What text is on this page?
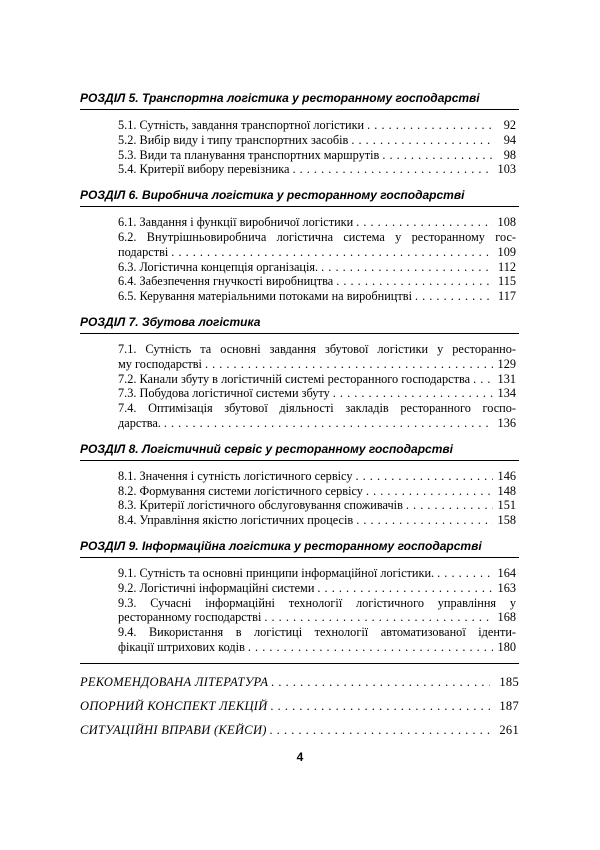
РОЗДІЛ 5. Транспортна логістика у ресторанному господарстві
5.1. Сутність, завдання транспортної логістики . . .	92
5.2. Вибір виду і типу транспортних засобів . . .	94
5.3. Види та планування транспортних маршрутів . . .	98
5.4. Критерії вибору перевізника . . .	103
РОЗДІЛ 6. Виробнича логістика у ресторанному господарстві
6.1. Завдання і функції виробничої логістики . . .	108
6.2. Внутрішньовиробнича логістична система у ресторанному гос-
подарстві . . .	109
6.3. Логістична концепція організація. . . .	112
6.4. Забезпечення гнучкості виробництва . . .	115
6.5. Керування матеріальними потоками на виробництві . . .	117
РОЗДІЛ 7. Збутова логістика
7.1. Сутність та основні завдання збутової логістики у ресторанно-
му господарстві . . .	129
7.2. Канали збуту в логістичній системі ресторанного господарства . . . 131
7.3. Побудова логістичної системи збуту . . .	134
7.4. Оптимізація збутової діяльності закладів ресторанного госпо-
дарства. . . .	136
РОЗДІЛ 8. Логістичний сервіс у ресторанному господарстві
8.1. Значення і сутність логістичного сервісу . . .	146
8.2. Формування системи логістичного сервісу . . .	148
8.3. Критерії логістичного обслуговування споживачів . . .	151
8.4. Управління якістю логістичних процесів . . .	158
РОЗДІЛ 9. Інформаційна логістика у ресторанному господарстві
9.1. Сутність та основні принципи інформаційної логістики. . . .	164
9.2. Логістичні інформаційні системи . . .	163
9.3. Сучасні інформаційні технології логістичного управління у
ресторанному господарстві . . .	168
9.4. Використання в логістиці технології автоматизованої іденти-
фікації штрихових кодів . . .	180
РЕКОМЕНДОВАНА ЛІТЕРАТУРА . . .	185
ОПОРНИЙ КОНСПЕКТ ЛЕКЦІЙ . . .	187
СИТУАЦІЙНІ ВПРАВИ (КЕЙСИ) . . .	261
4
